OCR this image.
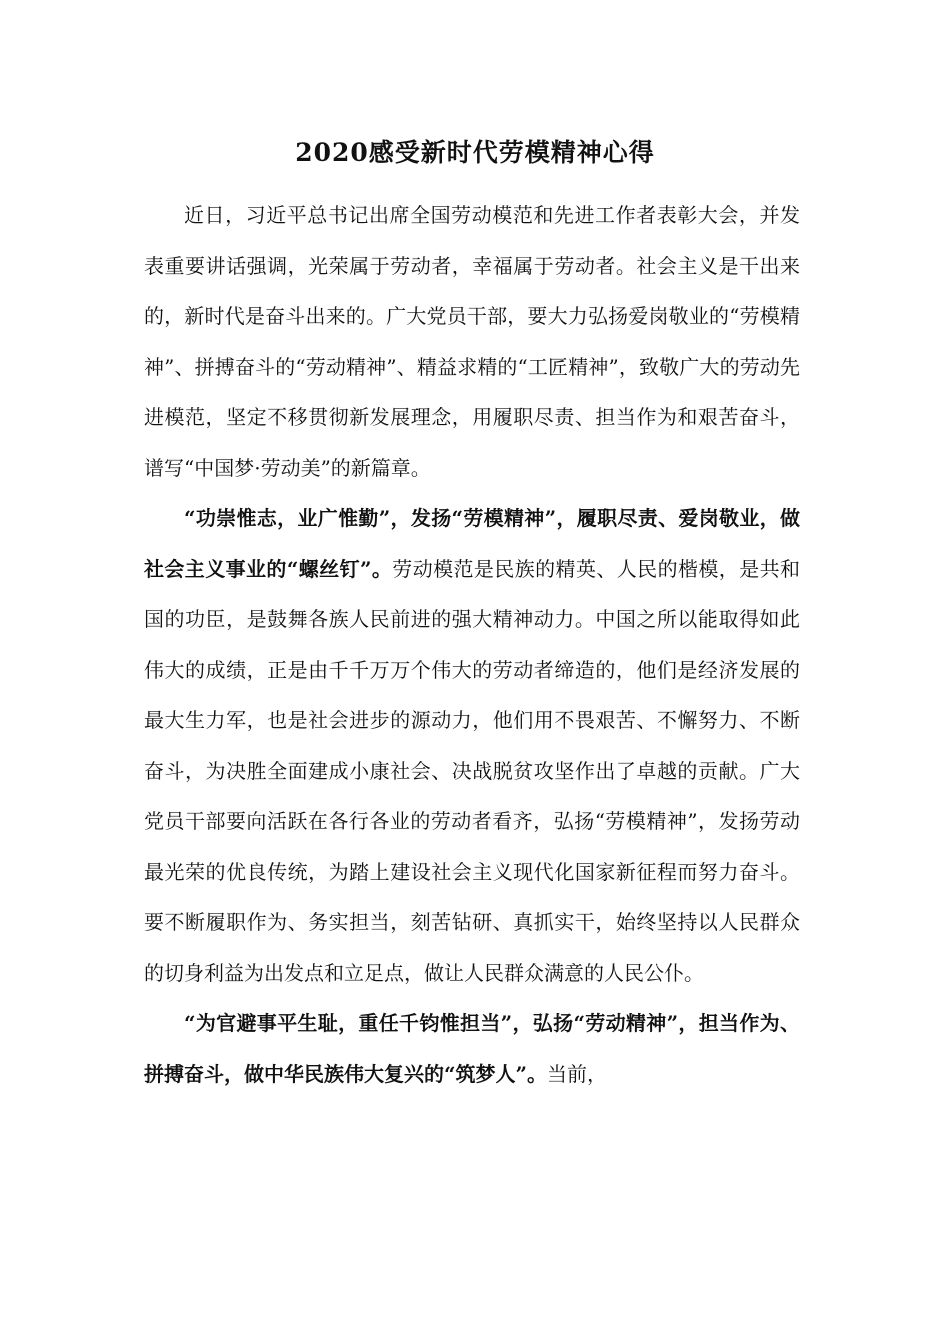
2020感受新时代劳模精神心得

近日，习近平总书记出席全国劳动模范和先进工作者表彰大会，并发表重要讲话强调，光荣属于劳动者，幸福属于劳动者。社会主义是干出来的，新时代是奋斗出来的。广大党员干部，要大力弘扬爱岗敬业的“劳模精神”、拼搏奋斗的“劳动精神”、精益求精的“工匠精神”，致敬广大的劳动先进模范，坚定不移贯彻新发展理念，用履职尽责、担当作为和艰苦奋斗，谱写“中国梦·劳动美”的新篇章。

“功崇惟志，业广惟勤”，发扬“劳模精神”，履职尽责、爱岗敬业，做社会主义事业的“螺丝钉”。劳动模范是民族的精英、人民的楷模，是共和国的功臣，是鼓舞各族人民前进的强大精神动力。中国之所以能取得如此伟大的成绩，正是由千千万万个伟大的劳动者缔造的，他们是经济发展的最大生力军，也是社会进步的源动力，他们用不畏艰苦、不懈努力、不断奋斗，为决胜全面建成小康社会、决战脱贫攻坚作出了卓越的贡献。广大党员干部要向活跃在各行各业的劳动者看齐，弘扬“劳模精神”，发扬劳动最光荣的优良传统，为踏上建设社会主义现代化国家新征程而努力奋斗。要不断履职作为、务实担当，刻苦钻研、真抓实干，始终坚持以人民群众的切身利益为出发点和立足点，做让人民群众满意的人民公仆。

“为官避事平生耻，重任千钧惟担当”，弘扬“劳动精神”，担当作为、拼搏奋斗，做中华民族伟大复兴的“筑梦人”。当前，
